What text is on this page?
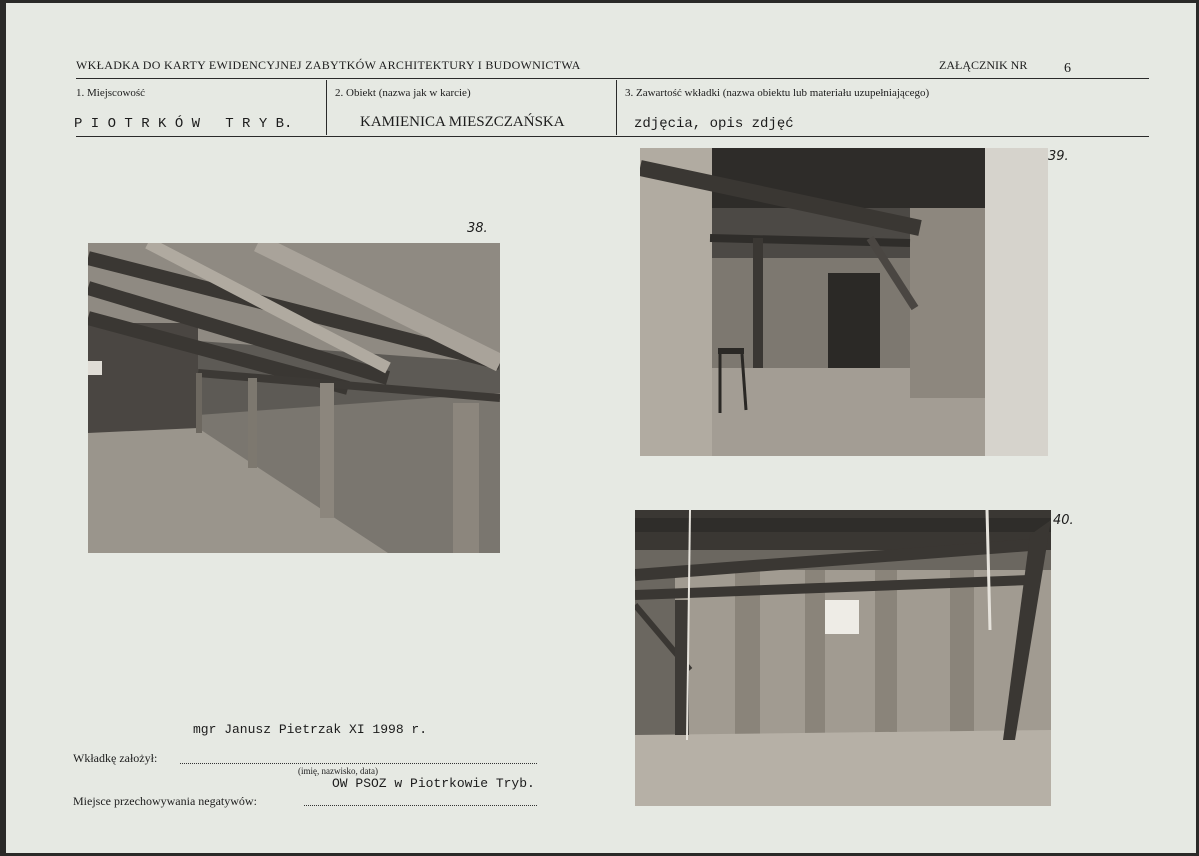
WKŁADKA DO KARTY EWIDENCYJNEJ ZABYTKÓW ARCHITEKTURY I BUDOWNICTWA	ZAŁĄCZNIK NR	6
1. Miejscowość
P I O T R K Ó W   T R Y B.
2. Obiekt (nazwa jak w karcie)
KAMIENICA MIESZCZAŃSKA
3. Zawartość wkładki (nazwa obiektu lub materiału uzupełniającego)
zdjęcia, opis zdjęć
38.
39.
40.
mgr Janusz Pietrzak XI 1998 r.
Wkładkę założył:
(imię, nazwisko, data)
OW PSOZ w Piotrkowie Tryb.
Miejsce przechowywania negatywów:
